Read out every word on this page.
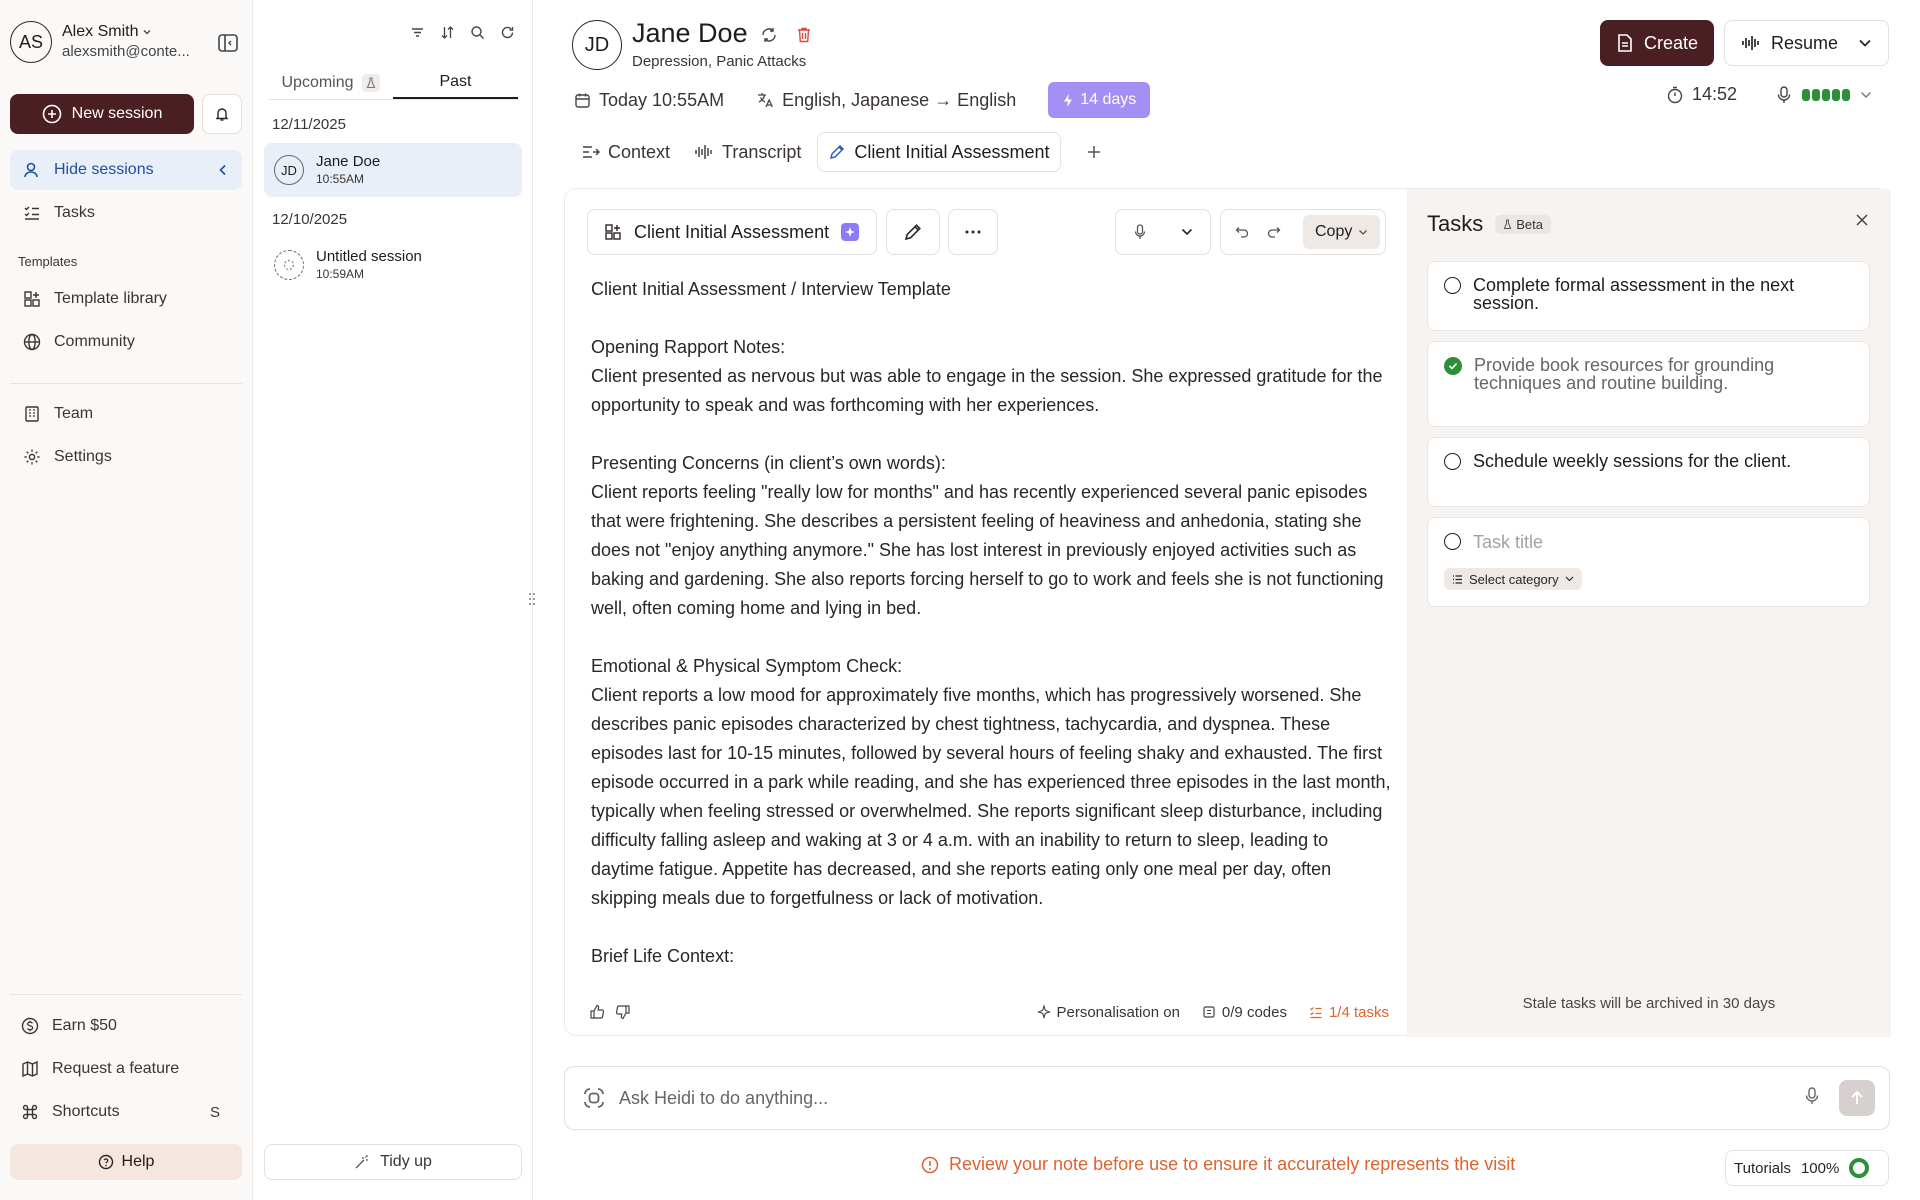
AS	Alex Smith
alexsmith@conte...
New session
Hide sessions
Tasks
Templates
Template library
Community
Team
Settings
Earn $50
Request a feature
Shortcuts	S
Help
Upcoming	Past
12/11/2025
JD	Jane Doe
10:55AM
12/10/2025
Untitled session
10:59AM
Tidy up
JD Jane Doe
Depression, Panic Attacks
Create	Resume
Today 10:55AM	English, Japanese → English	14 days	14:52
Context	Transcript	Client Initial Assessment
Client Initial Assessment	Copy

Client Initial Assessment / Interview Template

Opening Rapport Notes:

Client presented as nervous but was able to engage in the session. She expressed gratitude for the opportunity to speak and was forthcoming with her experiences.

Presenting Concerns (in client’s own words):

Client reports feeling "really low for months" and has recently experienced several panic episodes that were frightening. She describes a persistent feeling of heaviness and anhedonia, stating she does not "enjoy anything anymore." She has lost interest in previously enjoyed activities such as baking and gardening. She also reports forcing herself to go to work and feels she is not functioning well, often coming home and lying in bed.

Emotional & Physical Symptom Check:

Client reports a low mood for approximately five months, which has progressively worsened. She describes panic episodes characterized by chest tightness, tachycardia, and dyspnea. These episodes last for 10-15 minutes, followed by several hours of feeling shaky and exhausted. The first episode occurred in a park while reading, and she has experienced three episodes in the last month, typically when feeling stressed or overwhelmed. She reports significant sleep disturbance, including difficulty falling asleep and waking at 3 or 4 a.m. with an inability to return to sleep, leading to daytime fatigue. Appetite has decreased, and she reports eating only one meal per day, often skipping meals due to forgetfulness or lack of motivation.

Brief Life Context:

Personalisation on	0/9 codes	1/4 tasks
Tasks	Beta
Complete formal assessment in the next session.
Provide book resources for grounding techniques and routine building.
Schedule weekly sessions for the client.
Task title
Select category
Stale tasks will be archived in 30 days
Ask Heidi to do anything...
Review your note before use to ensure it accurately represents the visit	Tutorials 100%
